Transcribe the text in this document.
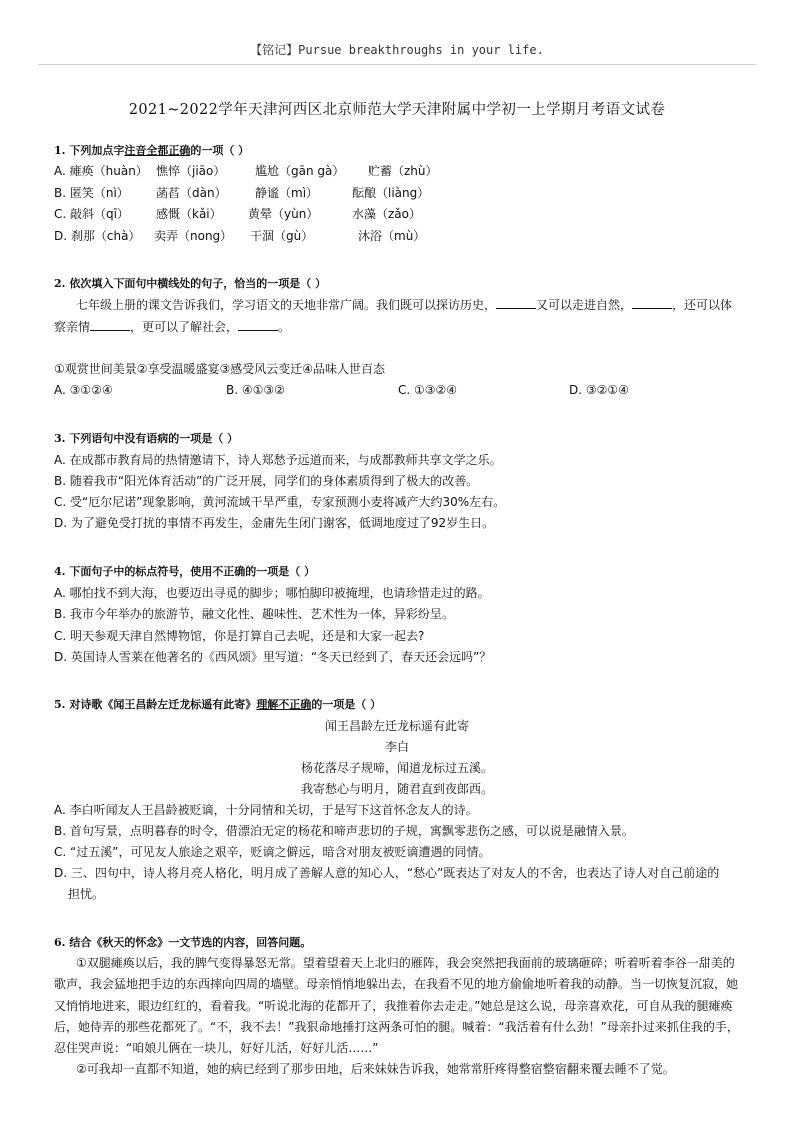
【铭记】Pursue breakthroughs in your life.
2021~2022学年天津河西区北京师范大学天津附属中学初一上学期月考语文试卷
1. 下列加点字注音全都正确的一项（ ）
A. 瘫痪（huàn） 憔悴（jiāo） 尴尬（gān gà） 贮蓄（zhù）
B. 匿笑（nì） 菡萏（dàn） 静谧（mì）	酝酿（liàng）
C. 敲斜（qī） 感慨（kǎi） 黄晕（yùn）	水藻（zǎo）
D. 刹那（chà） 卖弄（nong） 干涸（gù）	沐浴（mù）
2. 依次填入下面句中横线处的句子，恰当的一项是（ ）
七年级上册的课文告诉我们，学习语文的天地非常广阔。我们既可以探访历史，	又可以走进自然，	，还可以体
察亲情	，更可以了解社会，	。
①观赏世间美景②享受温暖盛宴③感受风云变迁④品味人世百态
A. ③①②④	B. ④①③②	C. ①③②④	D. ③②①④
3. 下列语句中没有语病的一项是（ ）
A. 在成都市教育局的热情邀请下，诗人郑愁予远道而来，与成都教师共享文学之乐。
B. 随着我市“阳光体育活动”的广泛开展，同学们的身体素质得到了极大的改善。
C. 受“厄尔尼诺”现象影响，黄河流域干旱严重，专家预测小麦将减产大约30%左右。
D. 为了避免受打扰的事情不再发生，金庸先生闭门谢客，低调地度过了92岁生日。
4. 下面句子中的标点符号，使用不正确的一项是（ ）
A. 哪怕找不到大海，也要迈出寻觅的脚步；哪怕脚印被掩埋，也请珍惜走过的路。
B. 我市今年举办的旅游节，融文化性、趣味性、艺术性为一体，异彩纷呈。
C. 明天参观天津自然博物馆，你是打算自己去呢，还是和大家一起去?
D. 英国诗人雪莱在他著名的《西风颂》里写道：“冬天已经到了，春天还会远吗”？
5. 对诗歌《闻王昌龄左迁龙标遥有此寄》理解不正确的一项是（ ）
闻王昌龄左迁龙标遥有此寄
李白
杨花落尽子规啼，闻道龙标过五溪。
我寄愁心与明月，随君直到夜郎西。
A. 李白听闻友人王昌龄被贬谪，十分同情和关切，于是写下这首怀念友人的诗。
B. 首句写景，点明暮春的时令，借漂泊无定的杨花和啼声悲切的子规，寓飘零悲伤之感，可以说是融情入景。
C. “过五溪”，可见友人旅途之艰辛，贬谪之僻远，暗含对朋友被贬谪遭遇的同情。
D. 三、四句中，诗人将月亮人格化，明月成了善解人意的知心人，“愁心”既表达了对友人的不舍，也表达了诗人对自己前途的
担忧。
6. 结合《秋天的怀念》一文节选的内容，回答问题。
①双腿瘫痪以后，我的脾气变得暴怒无常。望着望着天上北归的雁阵，我会突然把我面前的玻璃砸碎；听着听着李谷一甜美的歌声，我会猛地把手边的东西摔向四周的墙壁。母亲悄悄地躲出去，在我看不见的地方偷偷地听着我的动静。当一切恢复沉寂，她又悄悄地进来，眼边红红的，看着我。“听说北海的花都开了，我推着你去走走。”她总是这么说，母亲喜欢花，可自从我的腿瘫痪后，她侍弄的那些花都死了。“不，我不去！”我狠命地捶打这两条可怕的腿。喊着：“我活着有什么劲！”母亲扑过来抓住我的手，忍住哭声说：“咱娘儿俩在一块儿，好好儿活，好好儿活……”
②可我却一直都不知道，她的病已经到了那步田地，后来妹妹告诉我，她常常肝疼得整宿整宿翻来覆去睡不了觉。
